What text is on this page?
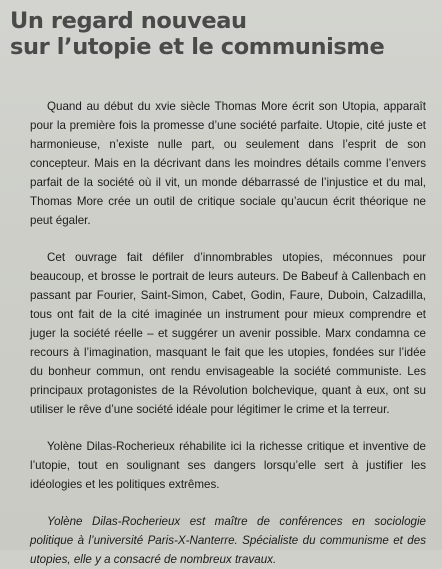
Un regard nouveau
sur l’utopie et le communisme

Quand au début du xvie siècle Thomas More écrit son Utopia, apparaît pour la première fois la promesse d’une société parfaite. Utopie, cité juste et harmonieuse, n’existe nulle part, ou seulement dans l’esprit de son concepteur. Mais en la décrivant dans les moindres détails comme l’envers parfait de la société où il vit, un monde débarrassé de l’injustice et du mal, Thomas More crée un outil de critique sociale qu’aucun écrit théorique ne peut égaler.

Cet ouvrage fait défiler d’innombrables utopies, méconnues pour beaucoup, et brosse le portrait de leurs auteurs. De Babeuf à Callenbach en passant par Fourier, Saint-Simon, Cabet, Godin, Faure, Duboin, Calzadilla, tous ont fait de la cité imaginée un instrument pour mieux comprendre et juger la société réelle – et suggérer un avenir possible. Marx condamna ce recours à l’imagination, masquant le fait que les utopies, fondées sur l’idée du bonheur commun, ont rendu envisageable la société communiste. Les principaux protagonistes de la Révolution bolchevique, quant à eux, ont su utiliser le rêve d’une société idéale pour légitimer le crime et la terreur.

Yolène Dilas-Rocherieux réhabilite ici la richesse critique et inventive de l’utopie, tout en soulignant ses dangers lorsqu’elle sert à justifier les idéologies et les politiques extrêmes.

Yolène Dilas-Rocherieux est maître de conférences en sociologie politique à l’université Paris-X-Nanterre. Spécialiste du communisme et des utopies, elle y a consacré de nombreux travaux.
